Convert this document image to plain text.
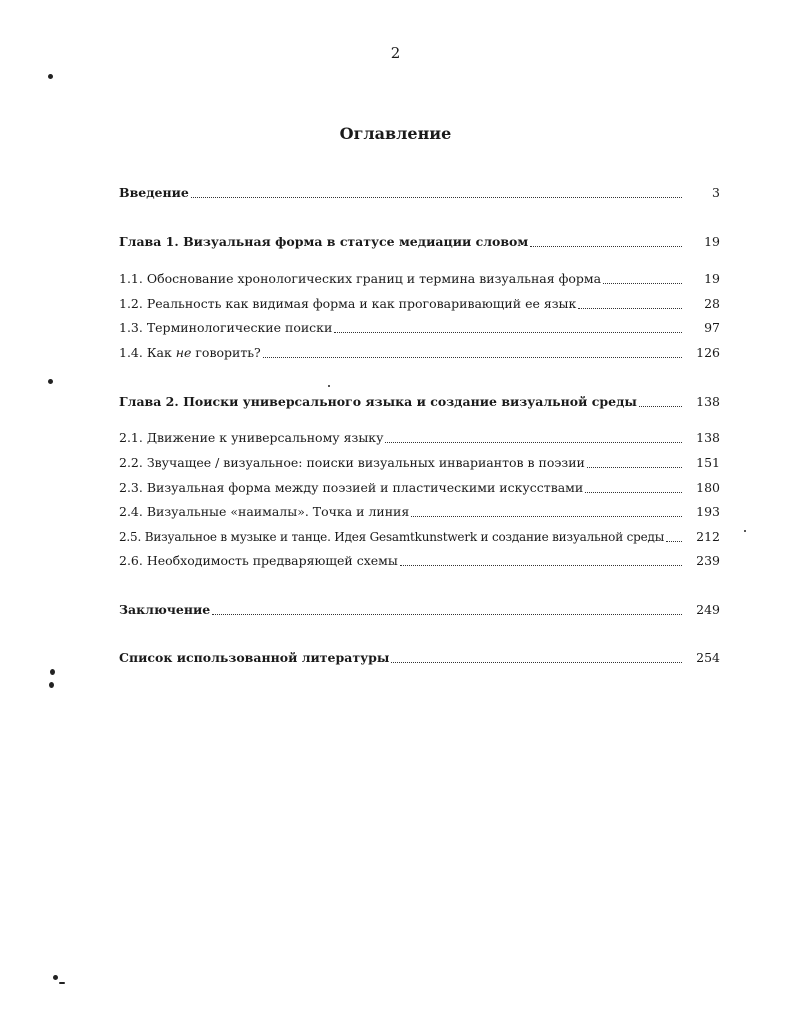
2
Оглавление
Введение	3
Глава 1. Визуальная форма в статусе медиации словом	19
1.1. Обоснование хронологических границ и термина визуальная форма	19
1.2. Реальность как видимая форма и как проговаривающий ее язык	28
1.3. Терминологические поиски	97
1.4. Как не говорить?	126
Глава 2. Поиски универсального языка и создание визуальной среды	138
2.1. Движение к универсальному языку	138
2.2. Звучащее / визуальное: поиски визуальных инвариантов в поэзии	151
2.3. Визуальная форма между поэзией и пластическими искусствами	180
2.4. Визуальные «наималы». Точка и линия	193
2.5. Визуальное в музыке и танце. Идея Gesamtkunstwerk и создание визуальной среды	212
2.6. Необходимость предваряющей схемы	239
Заключение	249
Список использованной литературы	254
